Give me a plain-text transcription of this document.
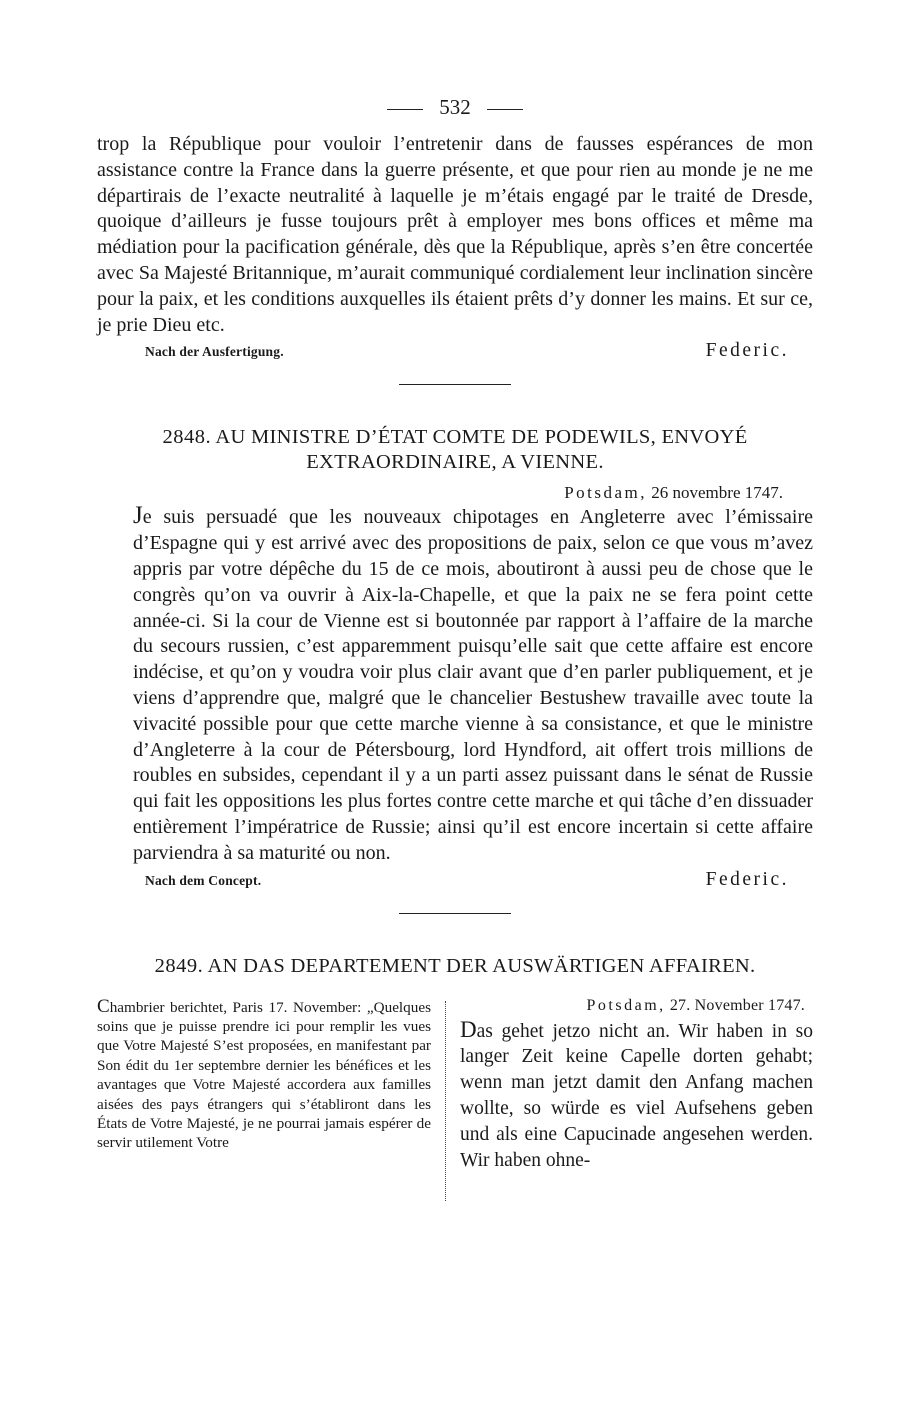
532

trop la République pour vouloir l’entretenir dans de fausses espérances de mon assistance contre la France dans la guerre présente, et que pour rien au monde je ne me départirais de l’exacte neutralité à laquelle je m’étais engagé par le traité de Dresde, quoique d’ailleurs je fusse toujours prêt à employer mes bons offices et même ma médiation pour la pacification générale, dès que la République, après s’en être concertée avec Sa Majesté Britannique, m’aurait communiqué cordialement leur inclination sincère pour la paix, et les conditions auxquelles ils étaient prêts d’y donner les mains. Et sur ce, je prie Dieu etc.

Nach der Ausfertigung.	Federic.
2848. AU MINISTRE D’ÉTAT COMTE DE PODEWILS, ENVOYÉ EXTRAORDINAIRE, A VIENNE.
Potsdam, 26 novembre 1747.

Je suis persuadé que les nouveaux chipotages en Angleterre avec l’émissaire d’Espagne qui y est arrivé avec des propositions de paix, selon ce que vous m’avez appris par votre dépêche du 15 de ce mois, aboutiront à aussi peu de chose que le congrès qu’on va ouvrir à Aix-la-Chapelle, et que la paix ne se fera point cette année-ci. Si la cour de Vienne est si boutonnée par rapport à l’affaire de la marche du secours russien, c’est apparemment puisqu’elle sait que cette affaire est encore indécise, et qu’on y voudra voir plus clair avant que d’en parler publiquement, et je viens d’apprendre que, malgré que le chancelier Bestushew travaille avec toute la vivacité possible pour que cette marche vienne à sa consistance, et que le ministre d’Angleterre à la cour de Pétersbourg, lord Hyndford, ait offert trois millions de roubles en subsides, cependant il y a un parti assez puissant dans le sénat de Russie qui fait les oppositions les plus fortes contre cette marche et qui tâche d’en dissuader entièrement l’impératrice de Russie; ainsi qu’il est encore incertain si cette affaire parviendra à sa maturité ou non.

Nach dem Concept.	Federic.
2849. AN DAS DEPARTEMENT DER AUSWÄRTIGEN AFFAIREN.
Chambrier berichtet, Paris 17. November: „Quelques soins que je puisse prendre ici pour remplir les vues que Votre Majesté S’est proposées, en manifestant par Son édit du 1er septembre dernier les bénéfices et les avantages que Votre Majesté accordera aux familles aisées des pays étrangers qui s’établiront dans les États de Votre Majesté, je ne pourrai jamais espérer de servir utilement Votre
Potsdam, 27. November 1747.
Das gehet jetzo nicht an. Wir haben in so langer Zeit keine Capelle dorten gehabt; wenn man jetzt damit den Anfang machen wollte, so würde es viel Aufsehens geben und als eine Capucinade angesehen werden. Wir haben ohne-
